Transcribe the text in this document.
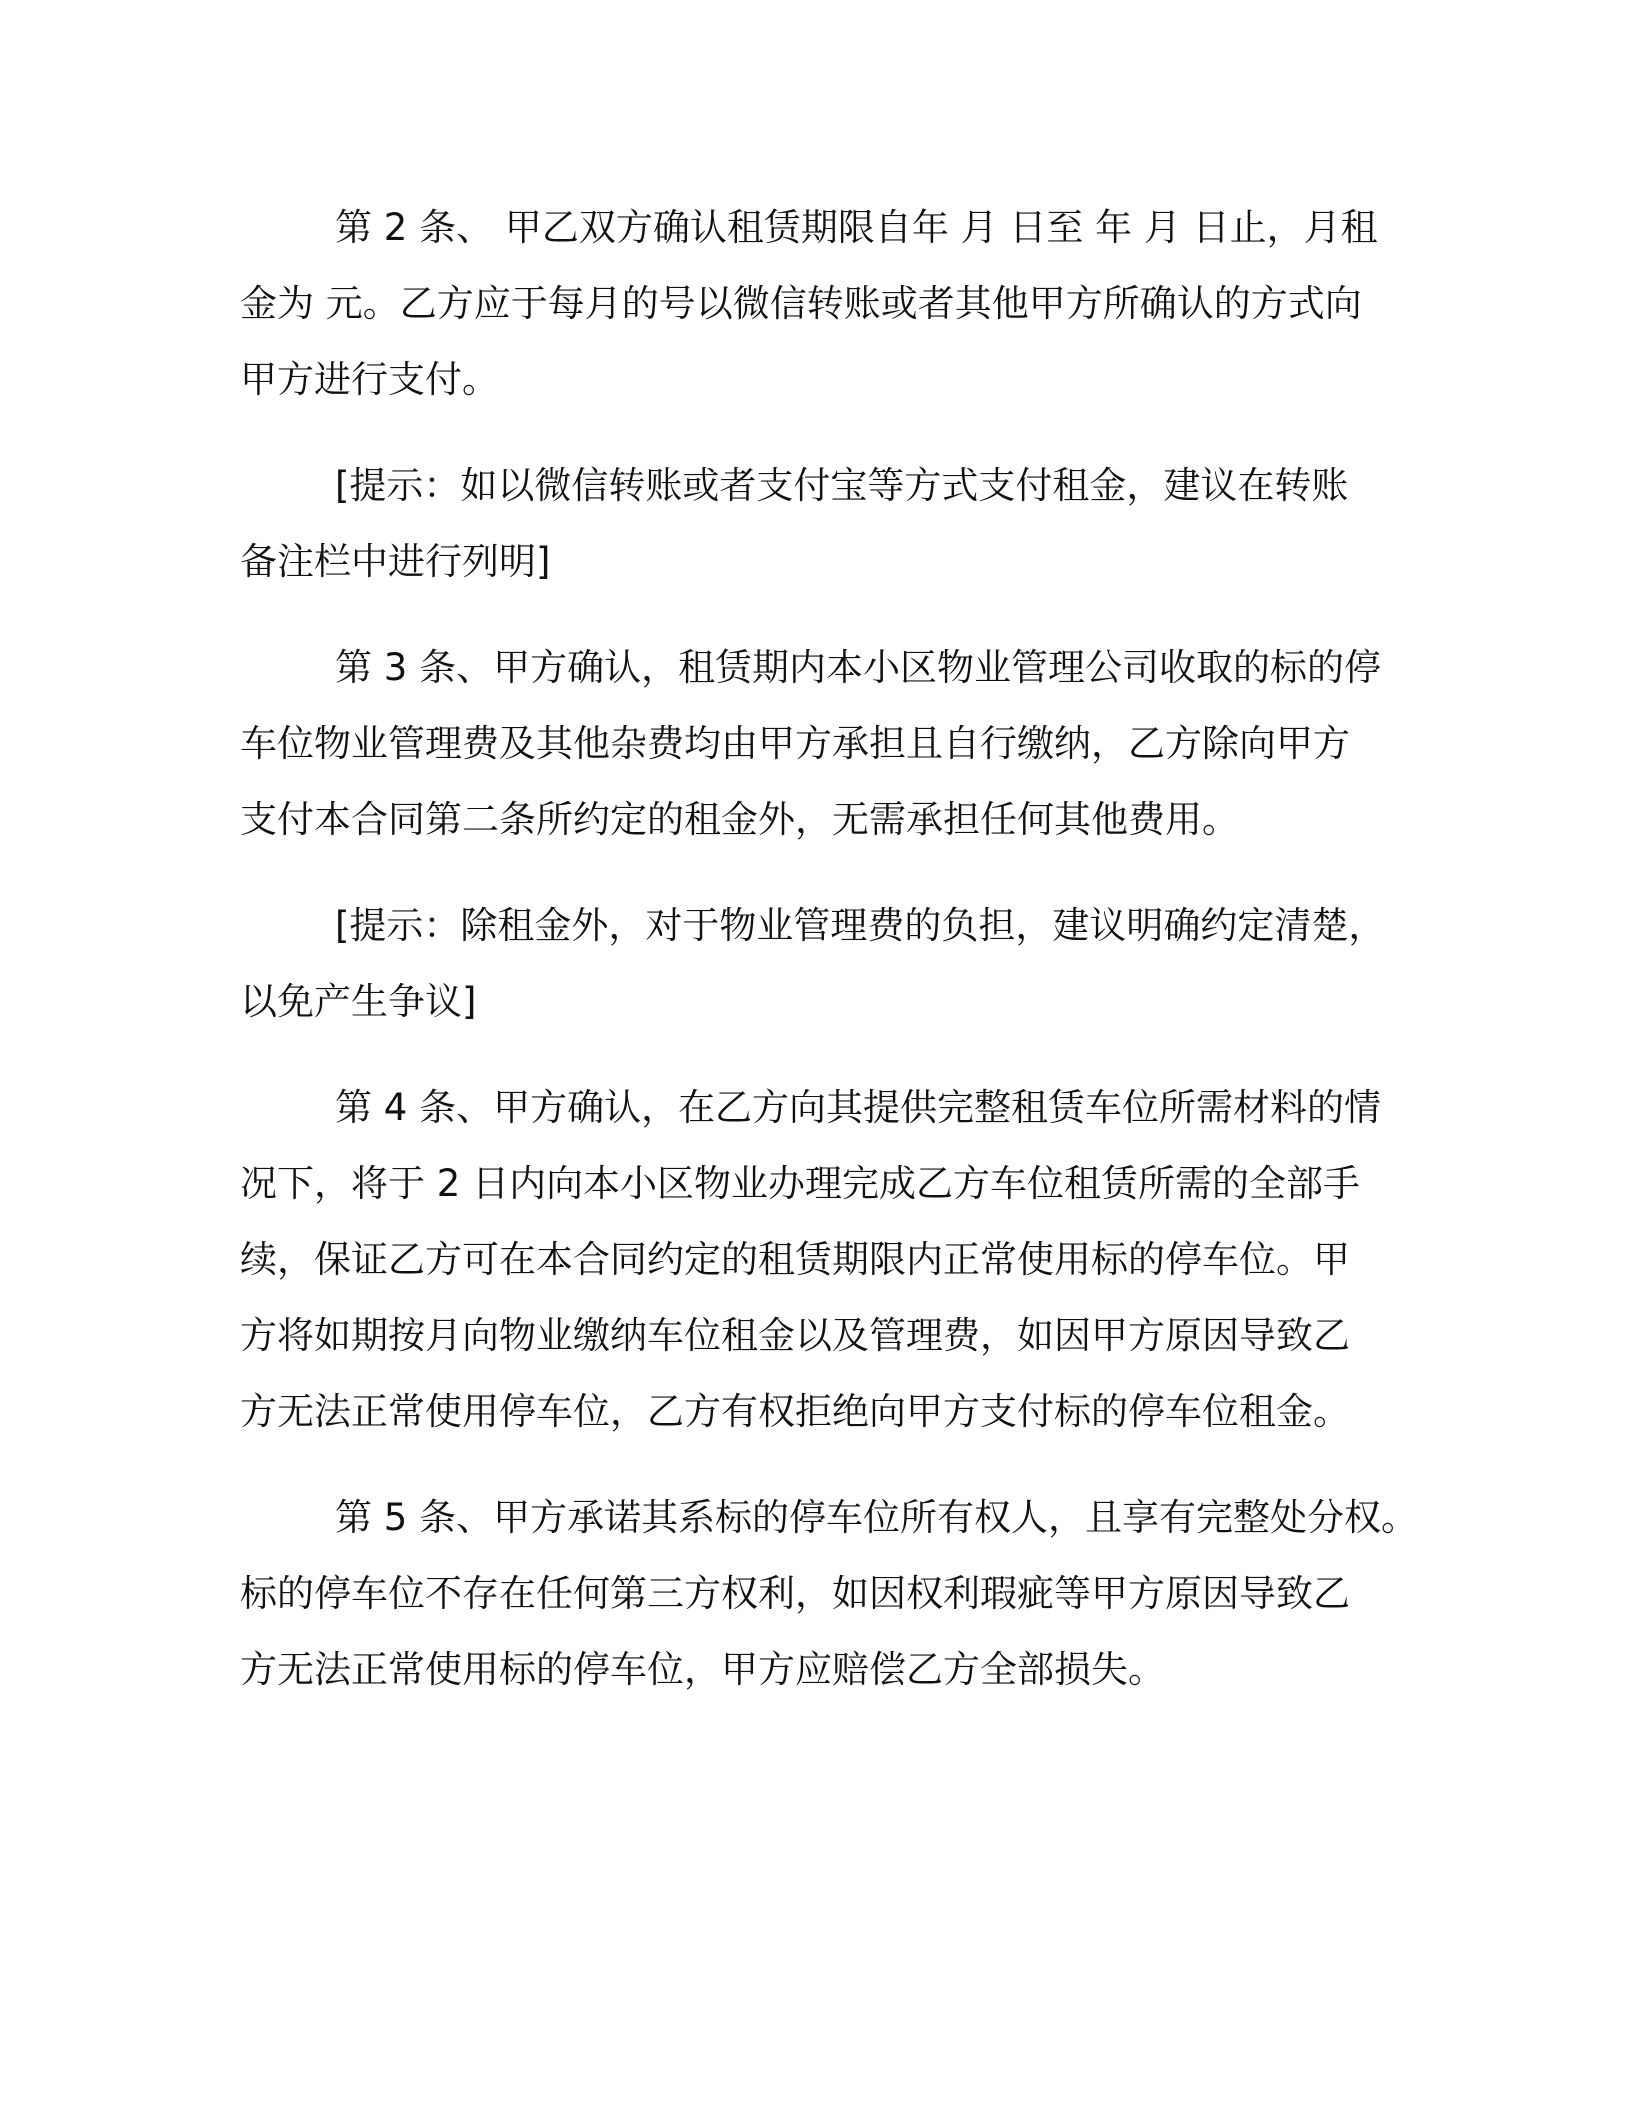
第 2 条、 甲乙双方确认租赁期限自年 月 日至 年 月 日止，月租
金为 元。乙方应于每月的号以微信转账或者其他甲方所确认的方式向
甲方进行支付。

[提示：如以微信转账或者支付宝等方式支付租金，建议在转账
备注栏中进行列明]

第 3 条、甲方确认，租赁期内本小区物业管理公司收取的标的停
车位物业管理费及其他杂费均由甲方承担且自行缴纳，乙方除向甲方
支付本合同第二条所约定的租金外，无需承担任何其他费用。

[提示：除租金外，对于物业管理费的负担，建议明确约定清楚，
以免产生争议]

第 4 条、甲方确认，在乙方向其提供完整租赁车位所需材料的情
况下，将于 2 日内向本小区物业办理完成乙方车位租赁所需的全部手
续，保证乙方可在本合同约定的租赁期限内正常使用标的停车位。甲
方将如期按月向物业缴纳车位租金以及管理费，如因甲方原因导致乙
方无法正常使用停车位，乙方有权拒绝向甲方支付标的停车位租金。

第 5 条、甲方承诺其系标的停车位所有权人，且享有完整处分权。
标的停车位不存在任何第三方权利，如因权利瑕疵等甲方原因导致乙
方无法正常使用标的停车位，甲方应赔偿乙方全部损失。
